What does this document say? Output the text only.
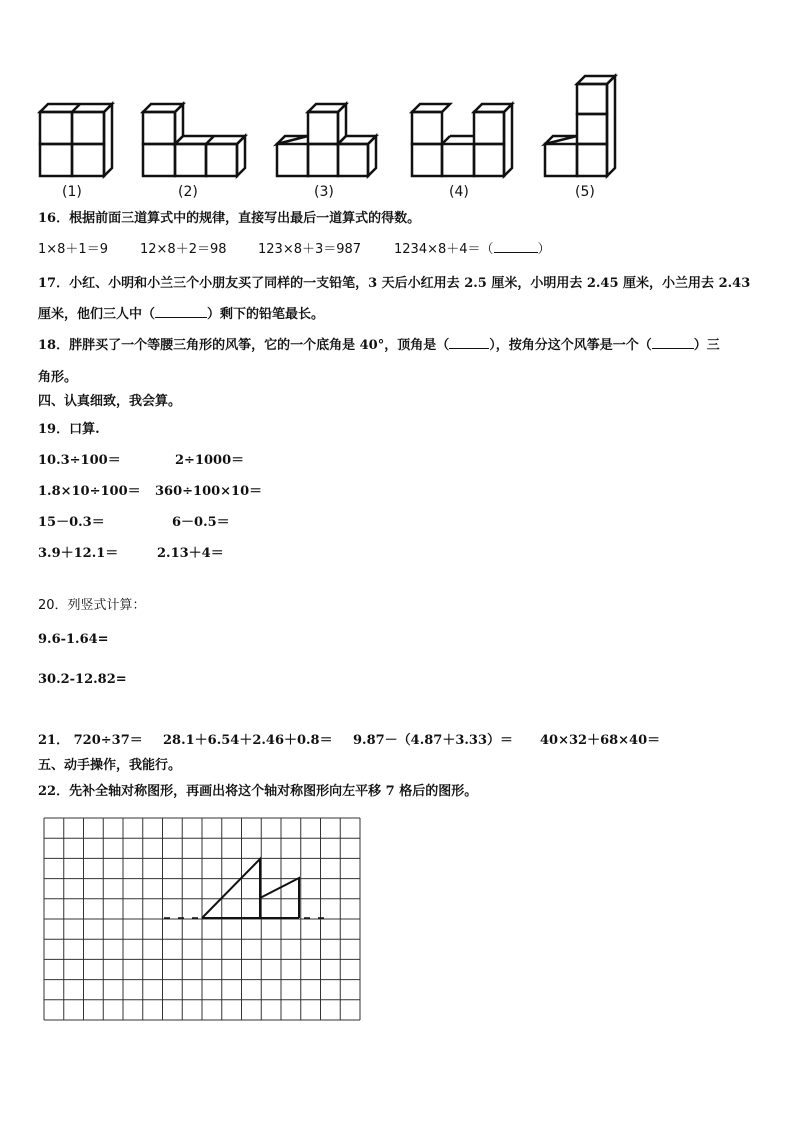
(1)	(2)	(3)	(4)	(5)
16．根据前面三道算式中的规律，直接写出最后一道算式的得数。
1×8＋1＝9 12×8＋2＝98 123×8＋3＝987	1234×8＋4＝（	）
17．小红、小明和小兰三个小朋友买了同样的一支铅笔，3 天后小红用去 2.5 厘米，小明用去 2.45 厘米，小兰用去 2.43
厘米，他们三人中（	）剩下的铅笔最长。
18．胖胖买了一个等腰三角形的风筝，它的一个底角是 40°，顶角是（	），按角分这个风筝是一个（	）三
角形。
四、认真细致，我会算。
19．口算.
10.3÷100＝	2÷1000＝
1.8×10÷100＝ 360÷100×10＝
15－0.3＝	6－0.5＝
3.9＋12.1＝	2.13＋4＝
20．列竖式计算：
9.6-1.64=
30.2-12.82=
21． 720÷37＝ 28.1＋6.54＋2.46＋0.8＝ 9.87－（4.87＋3.33）＝ 40×32＋68×40＝
五、动手操作，我能行。
22．先补全轴对称图形，再画出将这个轴对称图形向左平移 7 格后的图形。
